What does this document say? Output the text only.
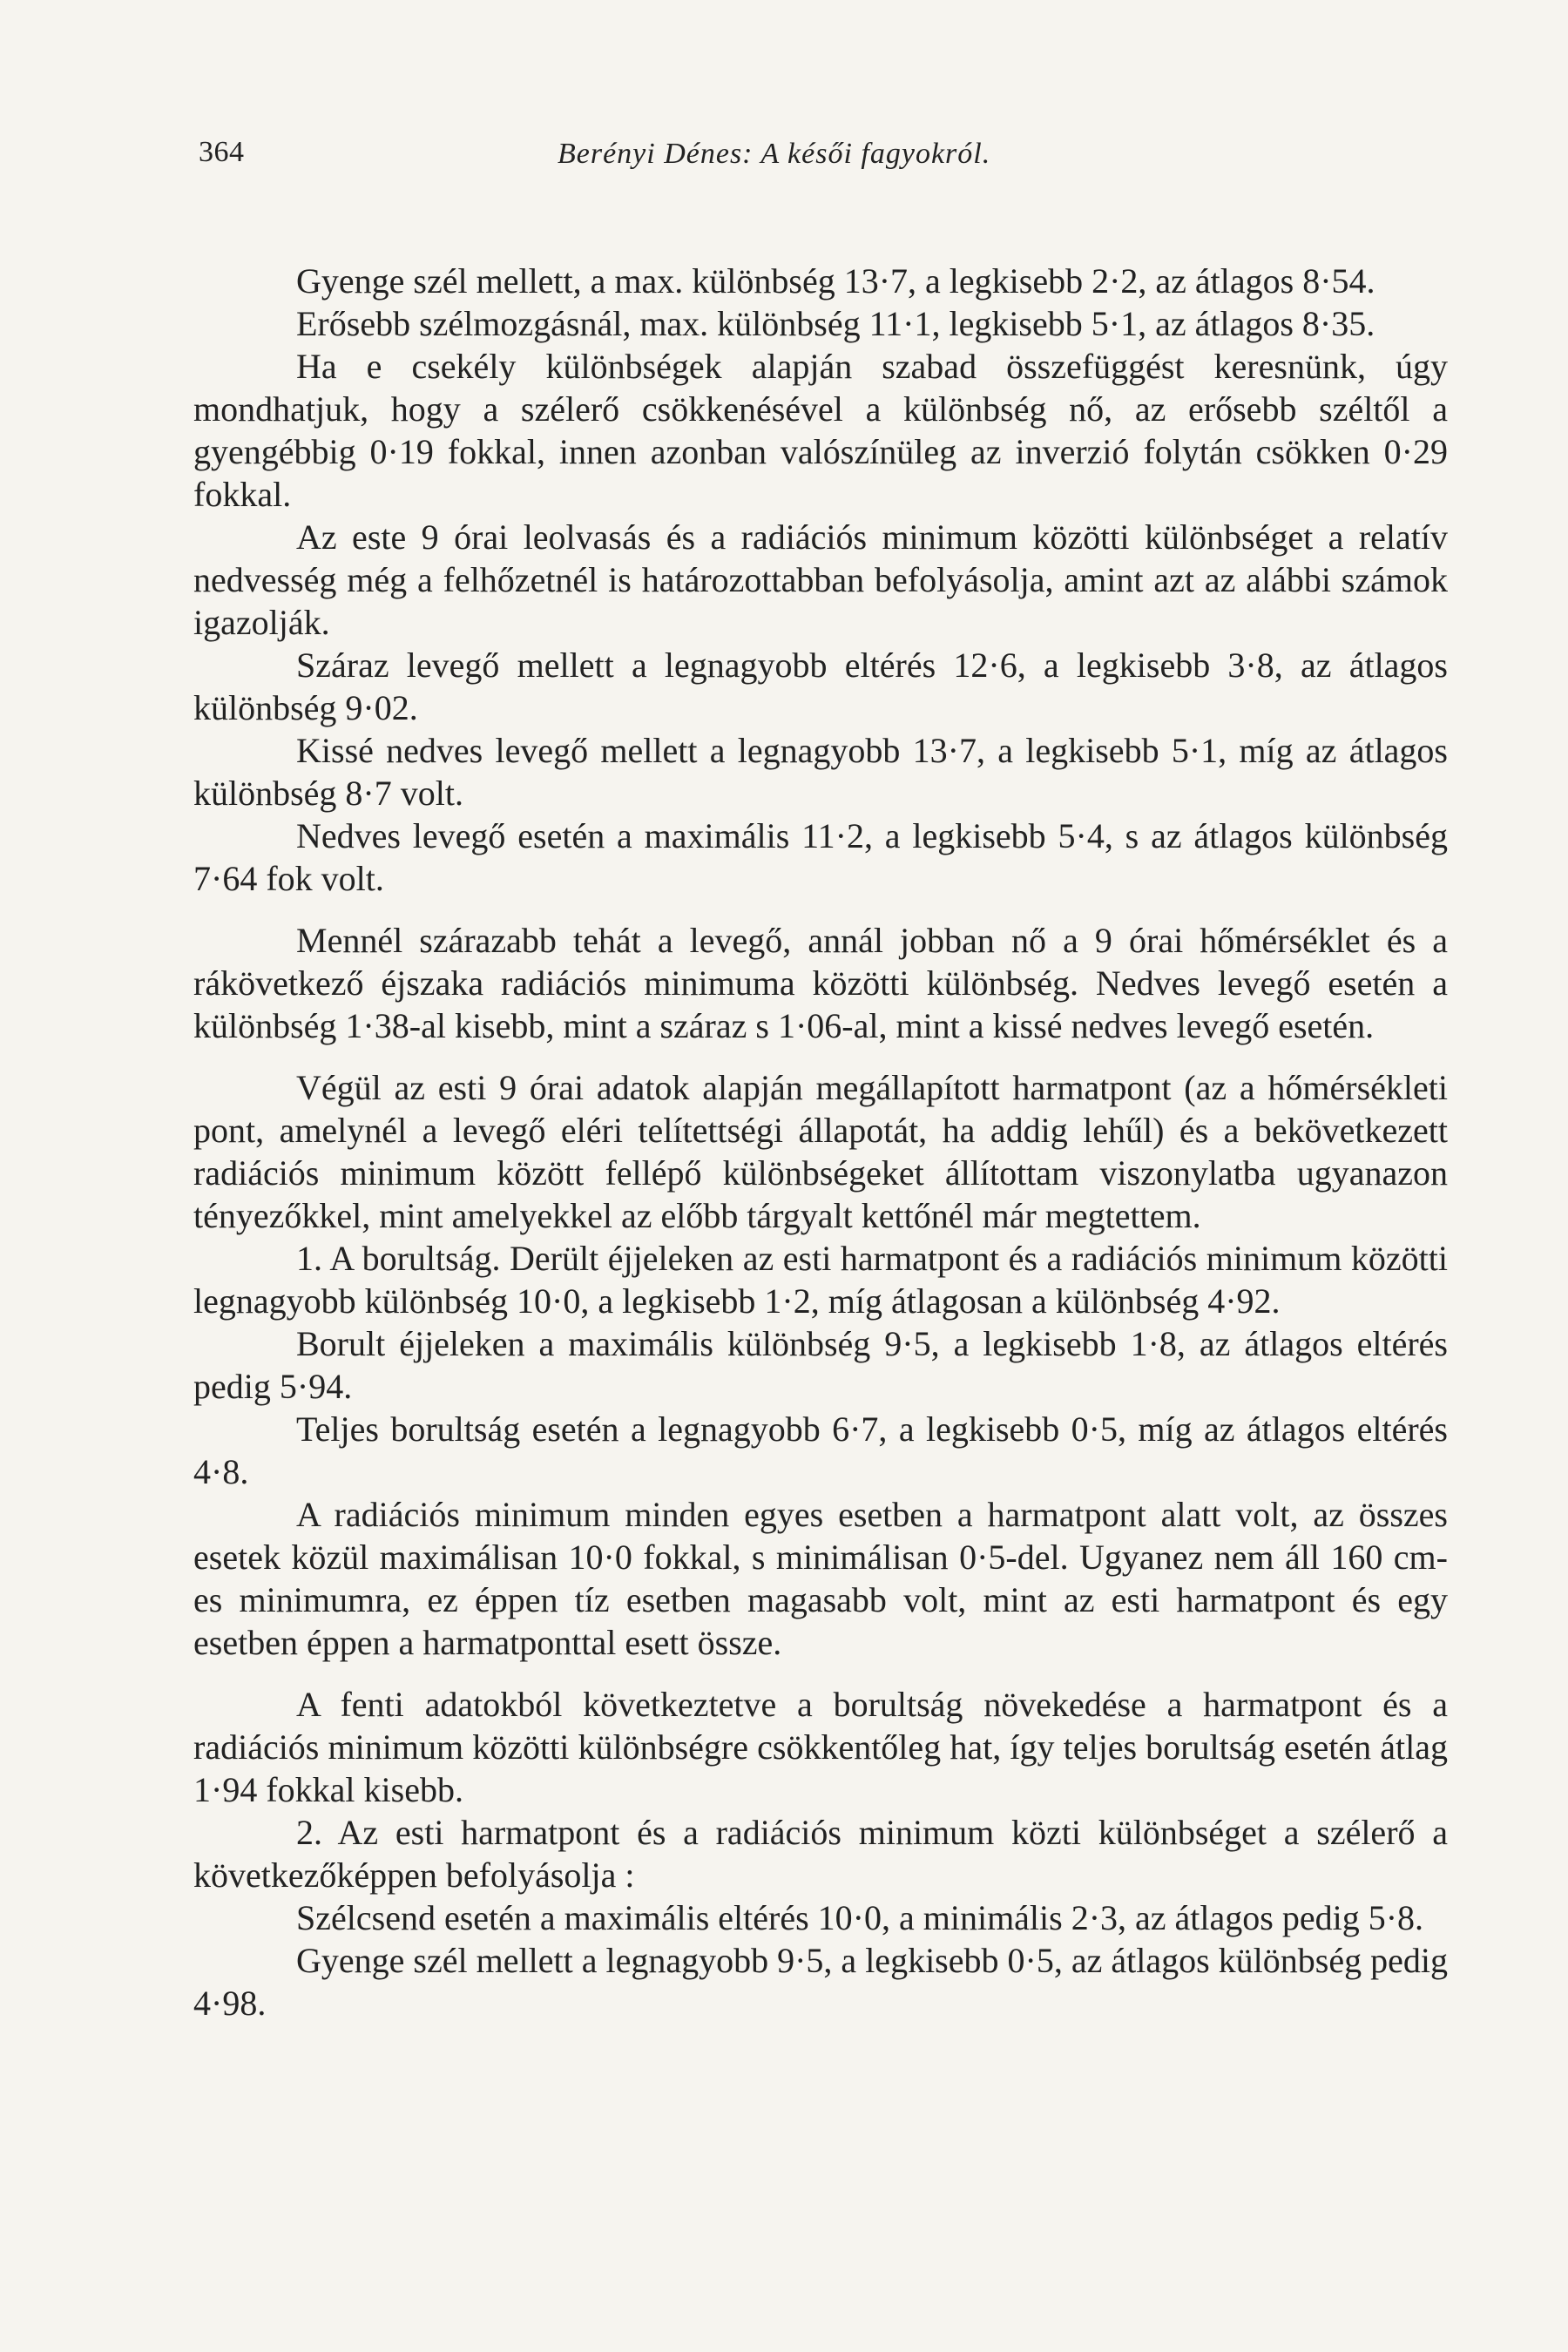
364	Berényi Dénes: A késői fagyokról.

Gyenge szél mellett, a max. különbség 13·7, a legkisebb 2·2, az átlagos 8·54.

Erősebb szélmozgásnál, max. különbség 11·1, legkisebb 5·1, az átlagos 8·35.

Ha e csekély különbségek alapján szabad összefüggést keresnünk, úgy mondhatjuk, hogy a szélerő csökkenésével a különbség nő, az erősebb széltől a gyengébbig 0·19 fokkal, innen azonban valószínüleg az inverzió folytán csökken 0·29 fokkal.

Az este 9 órai leolvasás és a radiációs minimum közötti különbséget a relatív nedvesség még a felhőzetnél is határozottabban befolyásolja, amint azt az alábbi számok igazolják.

Száraz levegő mellett a legnagyobb eltérés 12·6, a legkisebb 3·8, az átlagos különbség 9·02.

Kissé nedves levegő mellett a legnagyobb 13·7, a legkisebb 5·1, míg az átlagos különbség 8·7 volt.

Nedves levegő esetén a maximális 11·2, a legkisebb 5·4, s az átlagos különbség 7·64 fok volt.

Mennél szárazabb tehát a levegő, annál jobban nő a 9 órai hőmérséklet és a rákövetkező éjszaka radiációs minimuma közötti különbség. Nedves levegő esetén a különbség 1·38-al kisebb, mint a száraz s 1·06-al, mint a kissé nedves levegő esetén.

Végül az esti 9 órai adatok alapján megállapított harmatpont (az a hőmérsékleti pont, amelynél a levegő eléri telítettségi állapotát, ha addig lehűl) és a bekövetkezett radiációs minimum között fellépő különbségeket állítottam viszonylatba ugyanazon tényezőkkel, mint amelyekkel az előbb tárgyalt kettőnél már megtettem.

1. A borultság. Derült éjjeleken az esti harmatpont és a radiációs minimum közötti legnagyobb különbség 10·0, a legkisebb 1·2, míg átlagosan a különbség 4·92.

Borult éjjeleken a maximális különbség 9·5, a legkisebb 1·8, az átlagos eltérés pedig 5·94.

Teljes borultság esetén a legnagyobb 6·7, a legkisebb 0·5, míg az átlagos eltérés 4·8.

A radiációs minimum minden egyes esetben a harmatpont alatt volt, az összes esetek közül maximálisan 10·0 fokkal, s minimálisan 0·5-del. Ugyanez nem áll 160 cm-es minimumra, ez éppen tíz esetben magasabb volt, mint az esti harmatpont és egy esetben éppen a harmatponttal esett össze.

A fenti adatokból következtetve a borultság növekedése a harmatpont és a radiációs minimum közötti különbségre csökkentőleg hat, így teljes borultság esetén átlag 1·94 fokkal kisebb.

2. Az esti harmatpont és a radiációs minimum közti különbséget a szélerő a következőképpen befolyásolja :

Szélcsend esetén a maximális eltérés 10·0, a minimális 2·3, az átlagos pedig 5·8.

Gyenge szél mellett a legnagyobb 9·5, a legkisebb 0·5, az átlagos különbség pedig 4·98.
